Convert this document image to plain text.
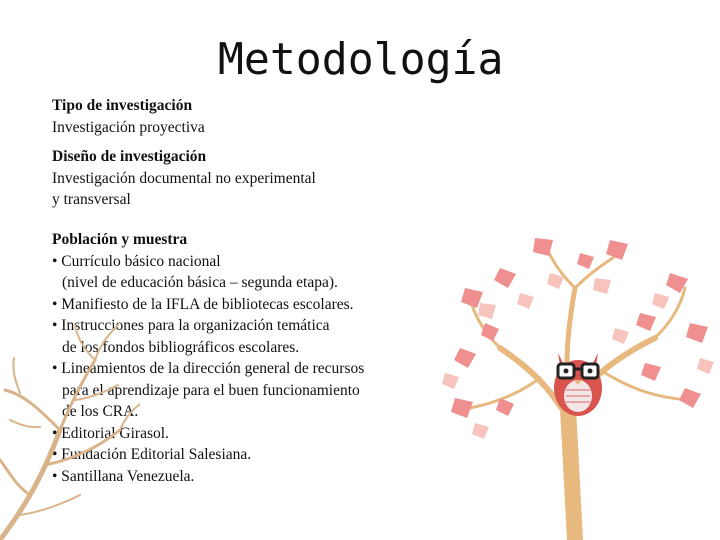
Metodología
Tipo de investigación
Investigación proyectiva
Diseño de investigación
Investigación documental no experimental
y transversal
Población y muestra
• Currículo básico nacional
(nivel de educación básica – segunda etapa).
• Manifiesto de la IFLA de bibliotecas escolares.
• Instrucciones para la organización temática
de los fondos bibliográficos escolares.
• Lineamientos de la dirección general de recursos
para el aprendizaje para el buen funcionamiento
de los CRA.
• Editorial Girasol.
• Fundación Editorial Salesiana.
• Santillana Venezuela.
